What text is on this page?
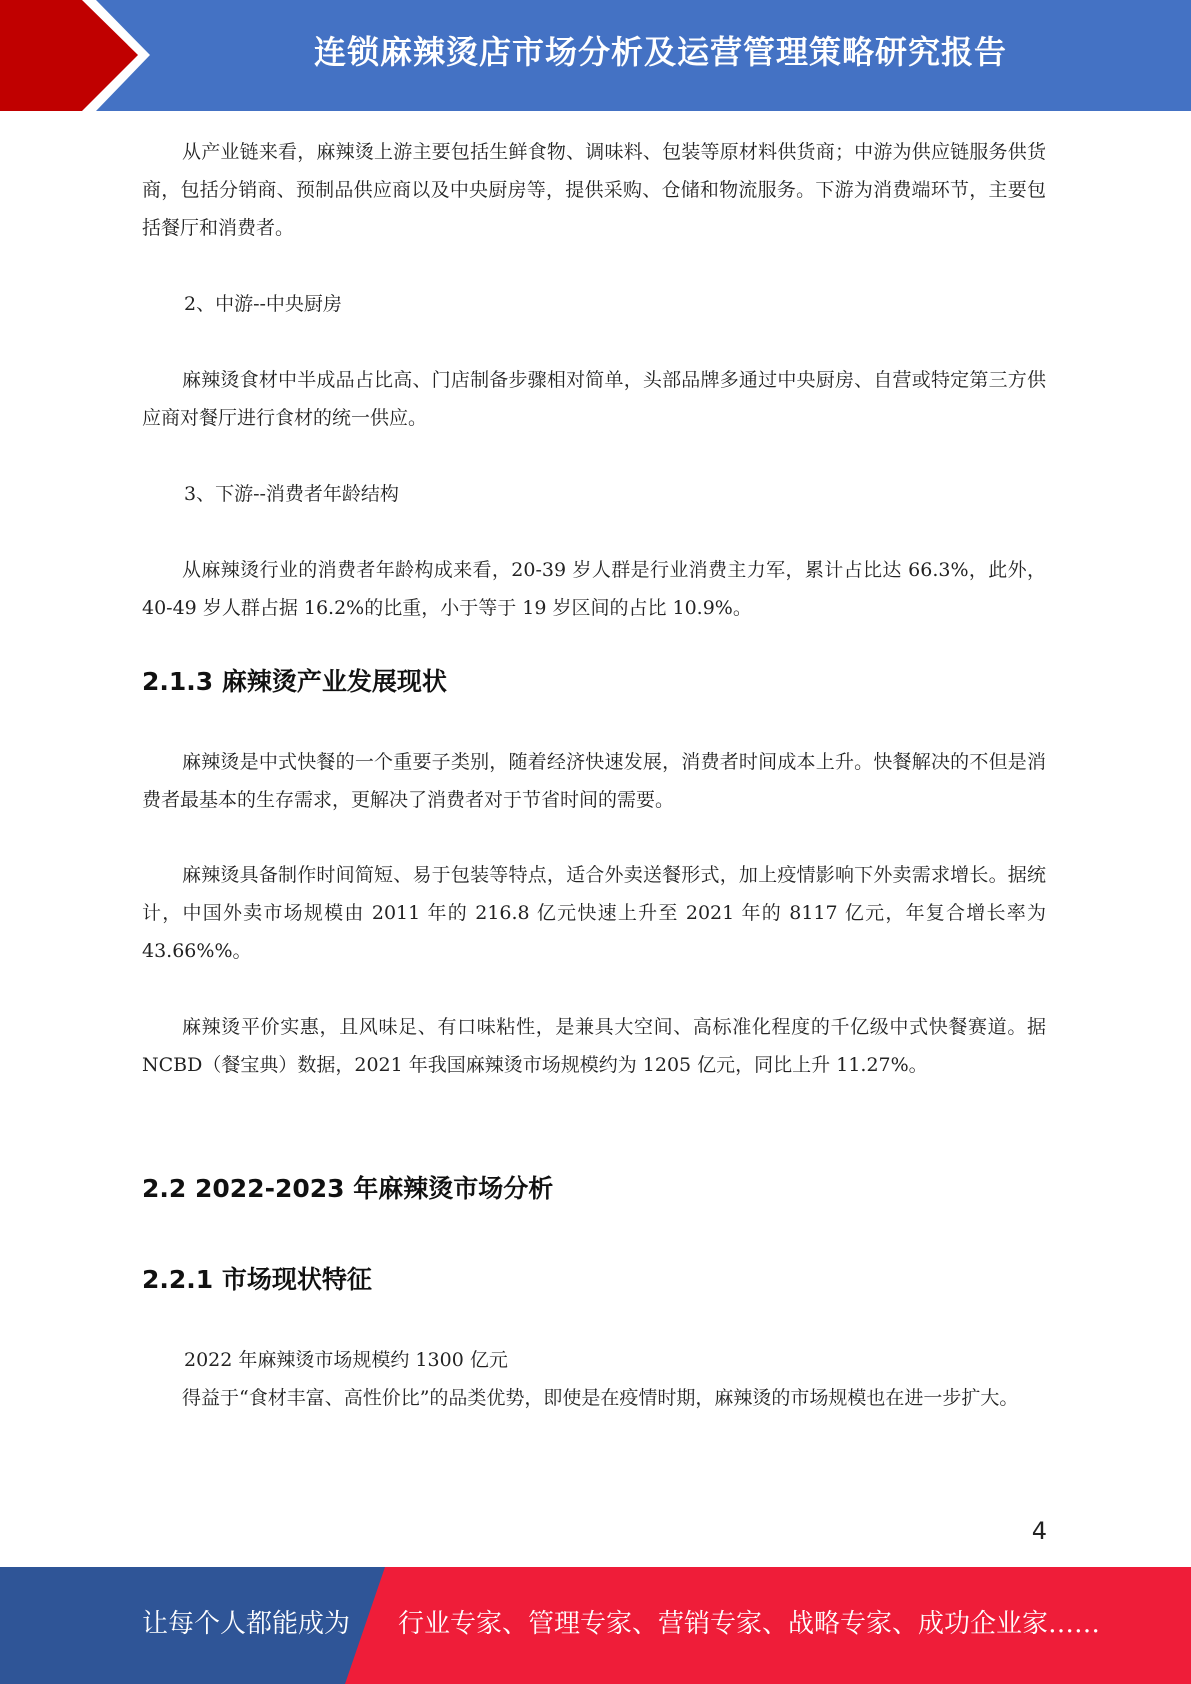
连锁麻辣烫店市场分析及运营管理策略研究报告

从产业链来看，麻辣烫上游主要包括生鲜食物、调味料、包装等原材料供货商；中游为供应链服务供货商，包括分销商、预制品供应商以及中央厨房等，提供采购、仓储和物流服务。下游为消费端环节，主要包括餐厅和消费者。

2、中游--中央厨房

麻辣烫食材中半成品占比高、门店制备步骤相对简单，头部品牌多通过中央厨房、自营或特定第三方供应商对餐厅进行食材的统一供应。

3、下游--消费者年龄结构

从麻辣烫行业的消费者年龄构成来看，20-39 岁人群是行业消费主力军，累计占比达 66.3%，此外，40-49 岁人群占据 16.2%的比重，小于等于 19 岁区间的占比 10.9%。

2.1.3 麻辣烫产业发展现状

麻辣烫是中式快餐的一个重要子类别，随着经济快速发展，消费者时间成本上升。快餐解决的不但是消费者最基本的生存需求，更解决了消费者对于节省时间的需要。

麻辣烫具备制作时间简短、易于包装等特点，适合外卖送餐形式，加上疫情影响下外卖需求增长。据统计，中国外卖市场规模由 2011 年的 216.8 亿元快速上升至 2021 年的 8117 亿元，年复合增长率为 43.66%%。

麻辣烫平价实惠，且风味足、有口味粘性，是兼具大空间、高标准化程度的千亿级中式快餐赛道。据 NCBD（餐宝典）数据，2021 年我国麻辣烫市场规模约为 1205 亿元，同比上升 11.27%。

2.2 2022-2023 年麻辣烫市场分析
2.2.1 市场现状特征

2022 年麻辣烫市场规模约 1300 亿元

得益于“食材丰富、高性价比”的品类优势，即使是在疫情时期，麻辣烫的市场规模也在进一步扩大。

4
让每个人都能成为 行业专家、管理专家、营销专家、战略专家、成功企业家……
